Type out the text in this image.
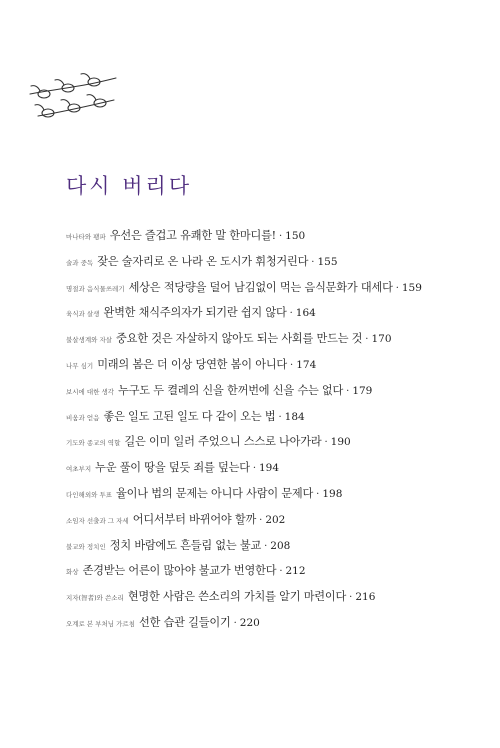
다시 버리다
마나타와 팽파 우선은 즐겁고 유쾌한 말 한마디를! · 150
술과 중독 잦은 술자리로 온 나라 온 도시가 휘청거린다 · 155
명절과 음식물쓰레기 세상은 적당량을 덜어 남김없이 먹는 음식문화가 대세다 · 159
육식과 살생 완벽한 채식주의자가 되기란 쉽지 않다 · 164
불살생계와 자살 중요한 것은 자살하지 않아도 되는 사회를 만드는 것 · 170
나무 심기 미래의 봄은 더 이상 당연한 봄이 아니다 · 174
보시에 대한 생각 누구도 두 켤레의 신을 한꺼번에 신을 수는 없다 · 179
비움과 얻음 좋은 일도 고된 일도 다 같이 오는 법 · 184
기도와 종교의 역할 길은 이미 일러 주었으니 스스로 나아가라 · 190
여초부지 누운 풀이 땅을 덮듯 죄를 덮는다 · 194
다인해외와 투표 율이나 법의 문제는 아니다 사람이 문제다 · 198
소임자 선출과 그 자세 어디서부터 바뀌어야 할까 · 202
불교와 정치인 정치 바람에도 흔들림 없는 불교 · 208
화상 존경받는 어른이 많아야 불교가 번영한다 · 212
지자(智者)와 쓴소리 현명한 사람은 쓴소리의 가치를 알기 마련이다 · 216
오계로 본 부처님 가르침 선한 습관 길들이기 · 220
